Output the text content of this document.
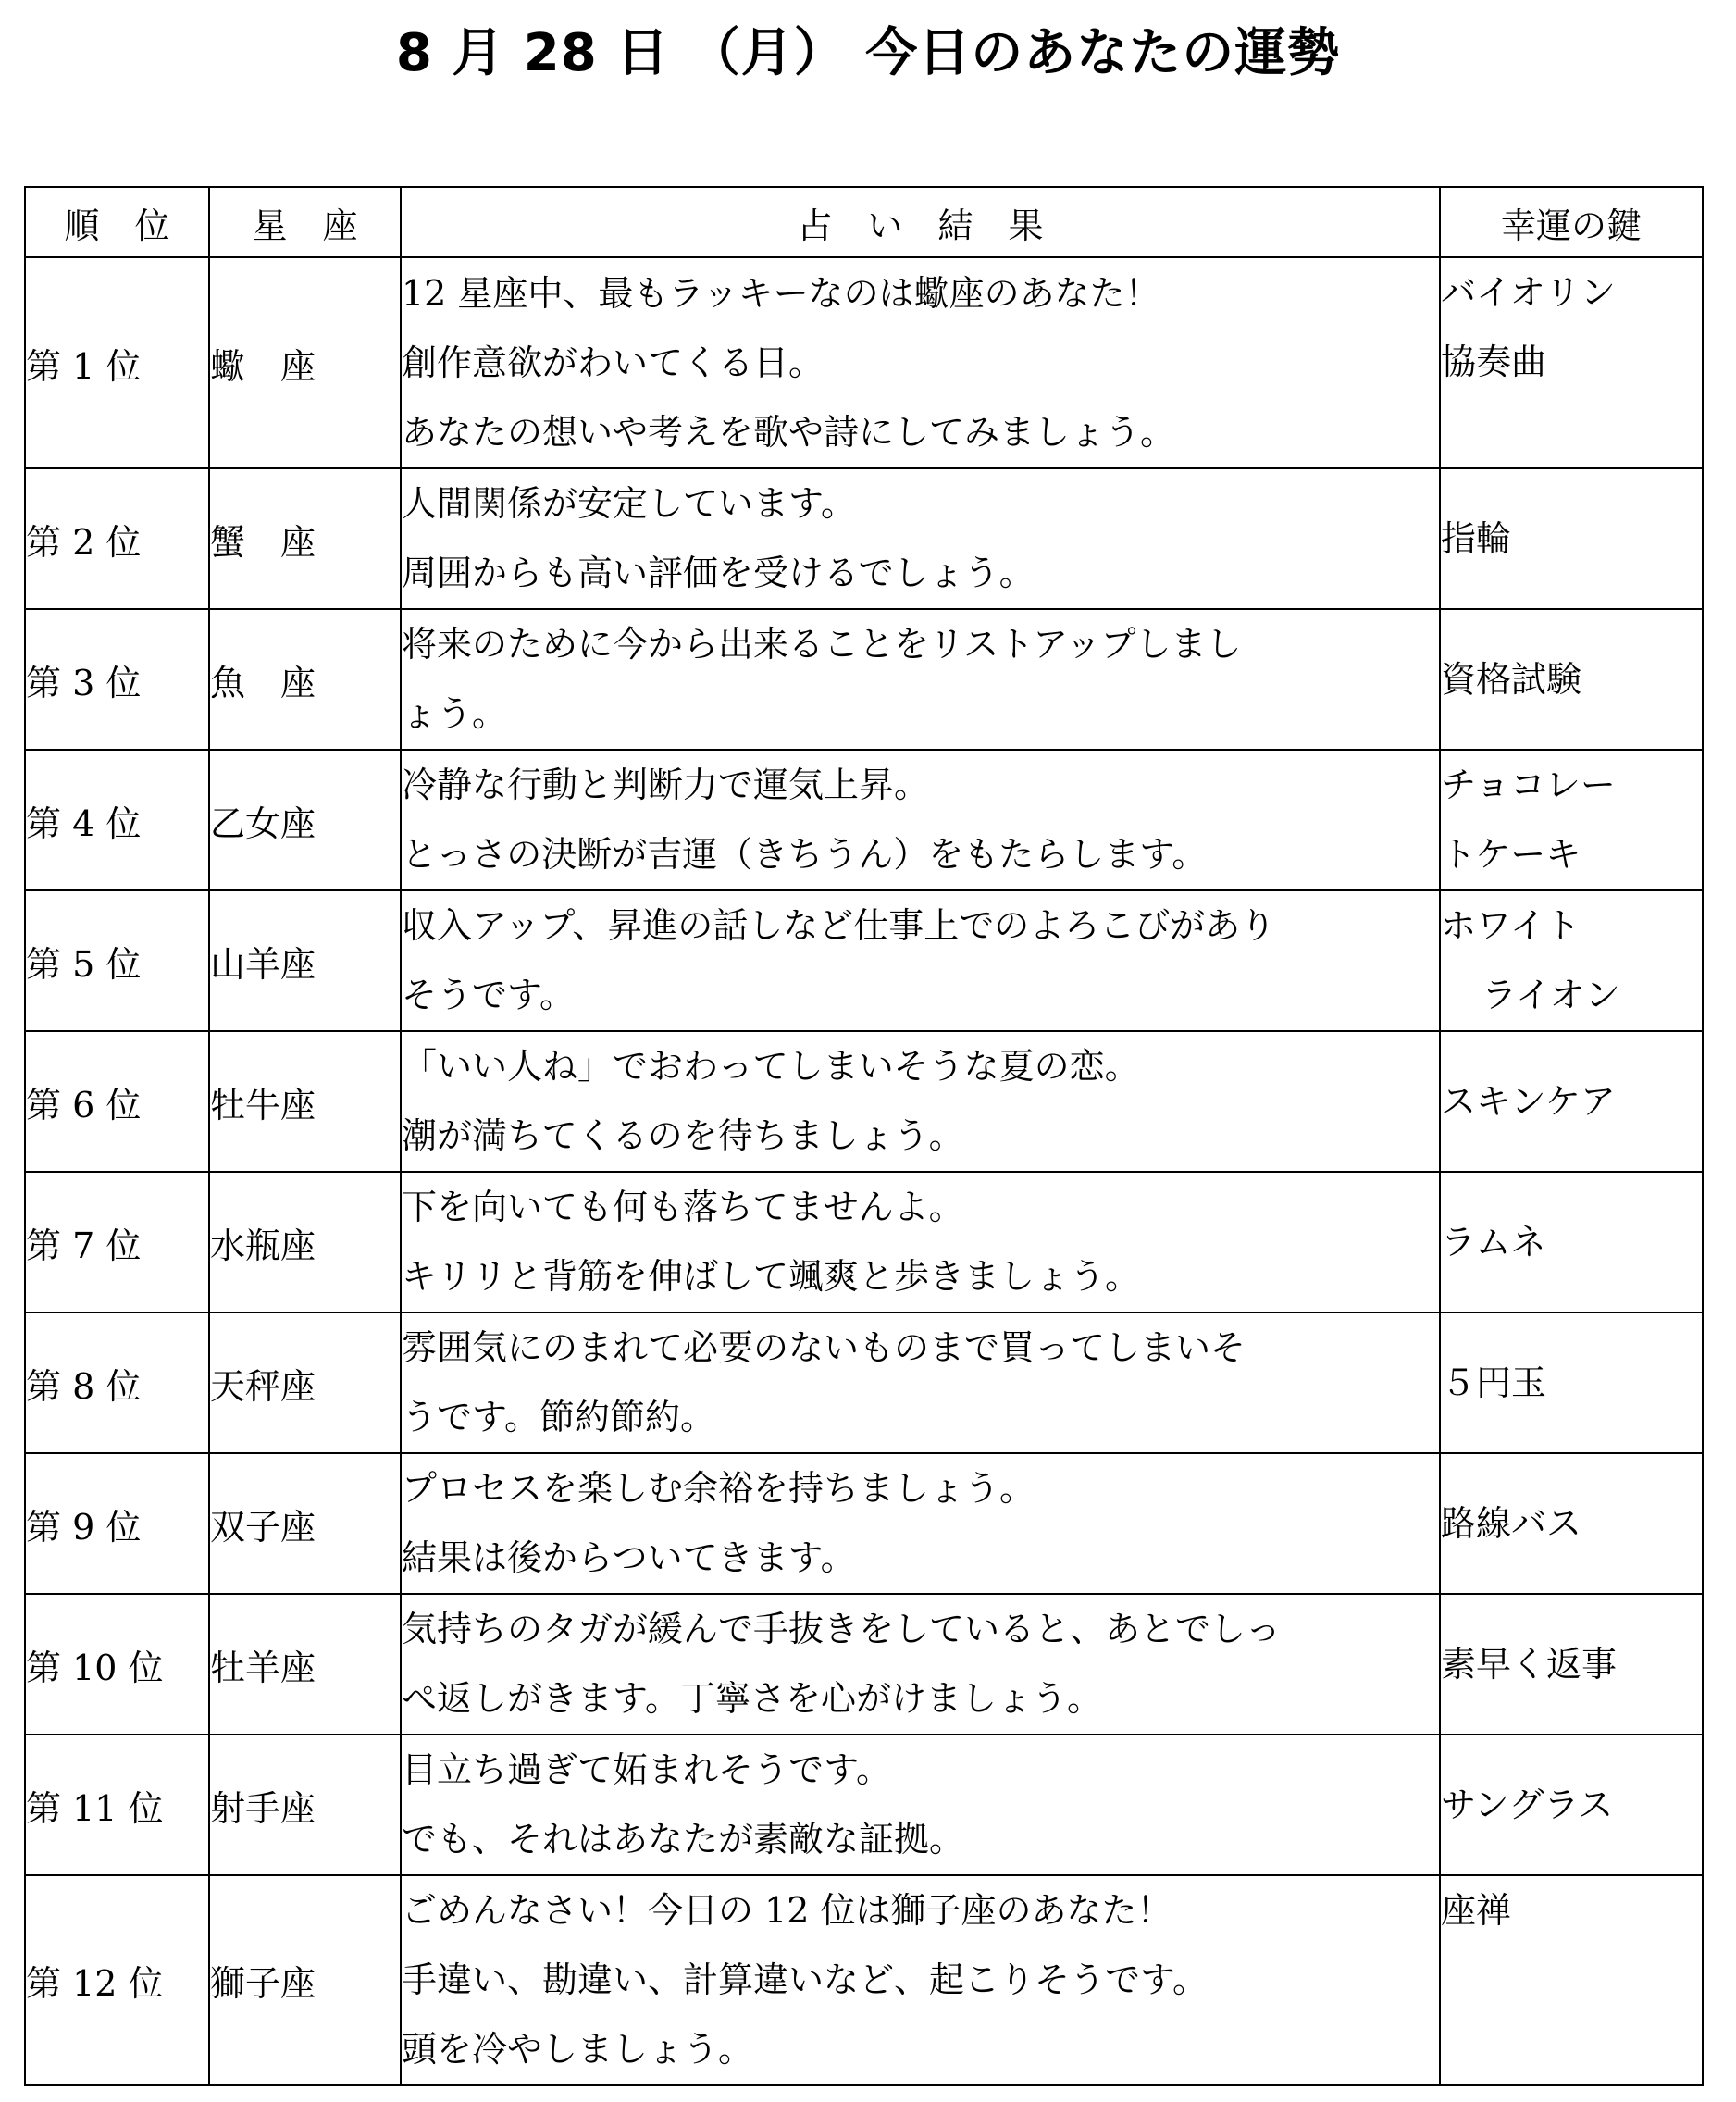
8 月 28 日 （月） 今日のあなたの運勢
順　位	星　座	占　い　結　果	幸運の鍵
第 1 位	蠍　座	12 星座中、最もラッキーなのは蠍座のあなた！
創作意欲がわいてくる日。
あなたの想いや考えを歌や詩にしてみましょう。	バイオリン
協奏曲

第 2 位	蟹　座	人間関係が安定しています。
周囲からも高い評価を受けるでしょう。	指輪

第 3 位	魚　座	将来のために今から出来ることをリストアップしまし
ょう。	資格試験

第 4 位	乙女座	冷静な行動と判断力で運気上昇。
とっさの決断が吉運（きちうん）をもたらします。	チョコレー
トケーキ

第 5 位	山羊座	収入アップ、昇進の話しなど仕事上でのよろこびがあり
そうです。	ホワイト
ライオン

第 6 位	牡牛座	「いい人ね」でおわってしまいそうな夏の恋。
潮が満ちてくるのを待ちましょう。	スキンケア

第 7 位	水瓶座	下を向いても何も落ちてませんよ。
キリリと背筋を伸ばして颯爽と歩きましょう。	ラムネ

第 8 位	天秤座	雰囲気にのまれて必要のないものまで買ってしまいそ
うです。節約節約。	５円玉

第 9 位	双子座	プロセスを楽しむ余裕を持ちましょう。
結果は後からついてきます。	路線バス

第 10 位	牡羊座	気持ちのタガが緩んで手抜きをしていると、あとでしっ
ぺ返しがきます。丁寧さを心がけましょう。	素早く返事

第 11 位	射手座	目立ち過ぎて妬まれそうです。
でも、それはあなたが素敵な証拠。	サングラス

第 12 位	獅子座	ごめんなさい！今日の 12 位は獅子座のあなた！
手違い、勘違い、計算違いなど、起こりそうです。
頭を冷やしましょう。	座禅
